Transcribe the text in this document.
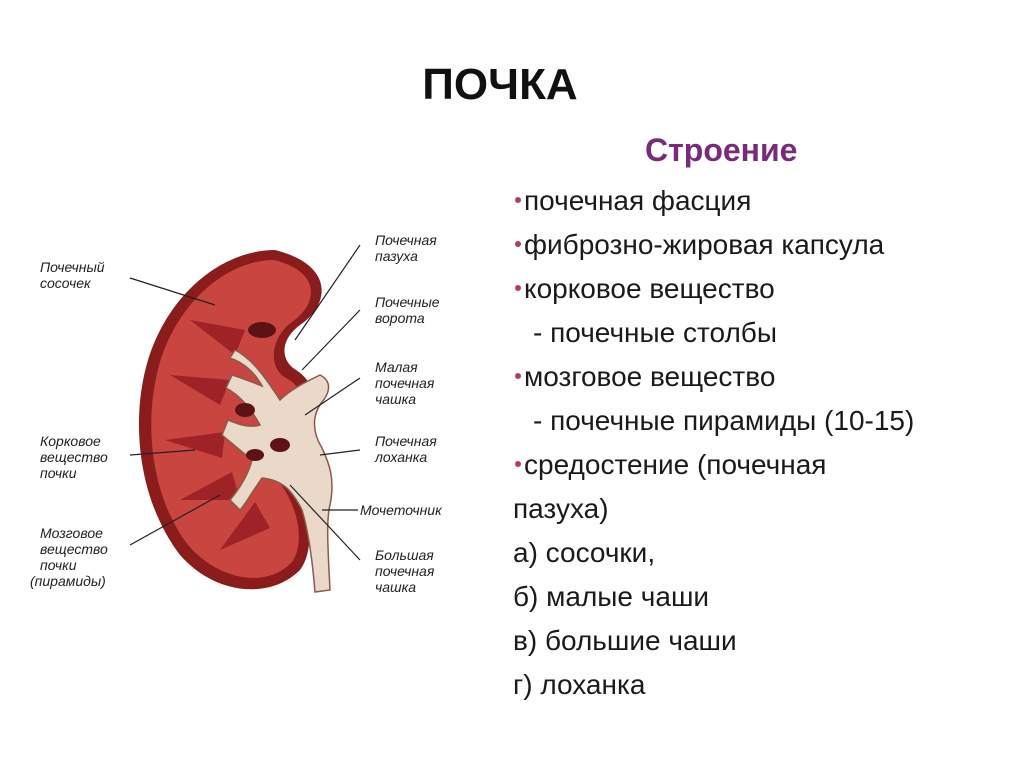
ПОЧКА
Строение
почечная фасция
фиброзно-жировая капсула
корковое вещество
- почечные столбы
мозговое вещество
- почечные пирамиды (10-15)
средостение (почечная
пазуха)
а) сосочки,
б) малые чаши
в) большие чаши
г) лоханка
Почечный сосочек
Корковое вещество почки
Мозговое вещество почки (пирамиды)
Почечная пазуха
Почечные ворота
Малая почечная чашка
Почечная лоханка
Мочеточник
Большая почечная чашка
